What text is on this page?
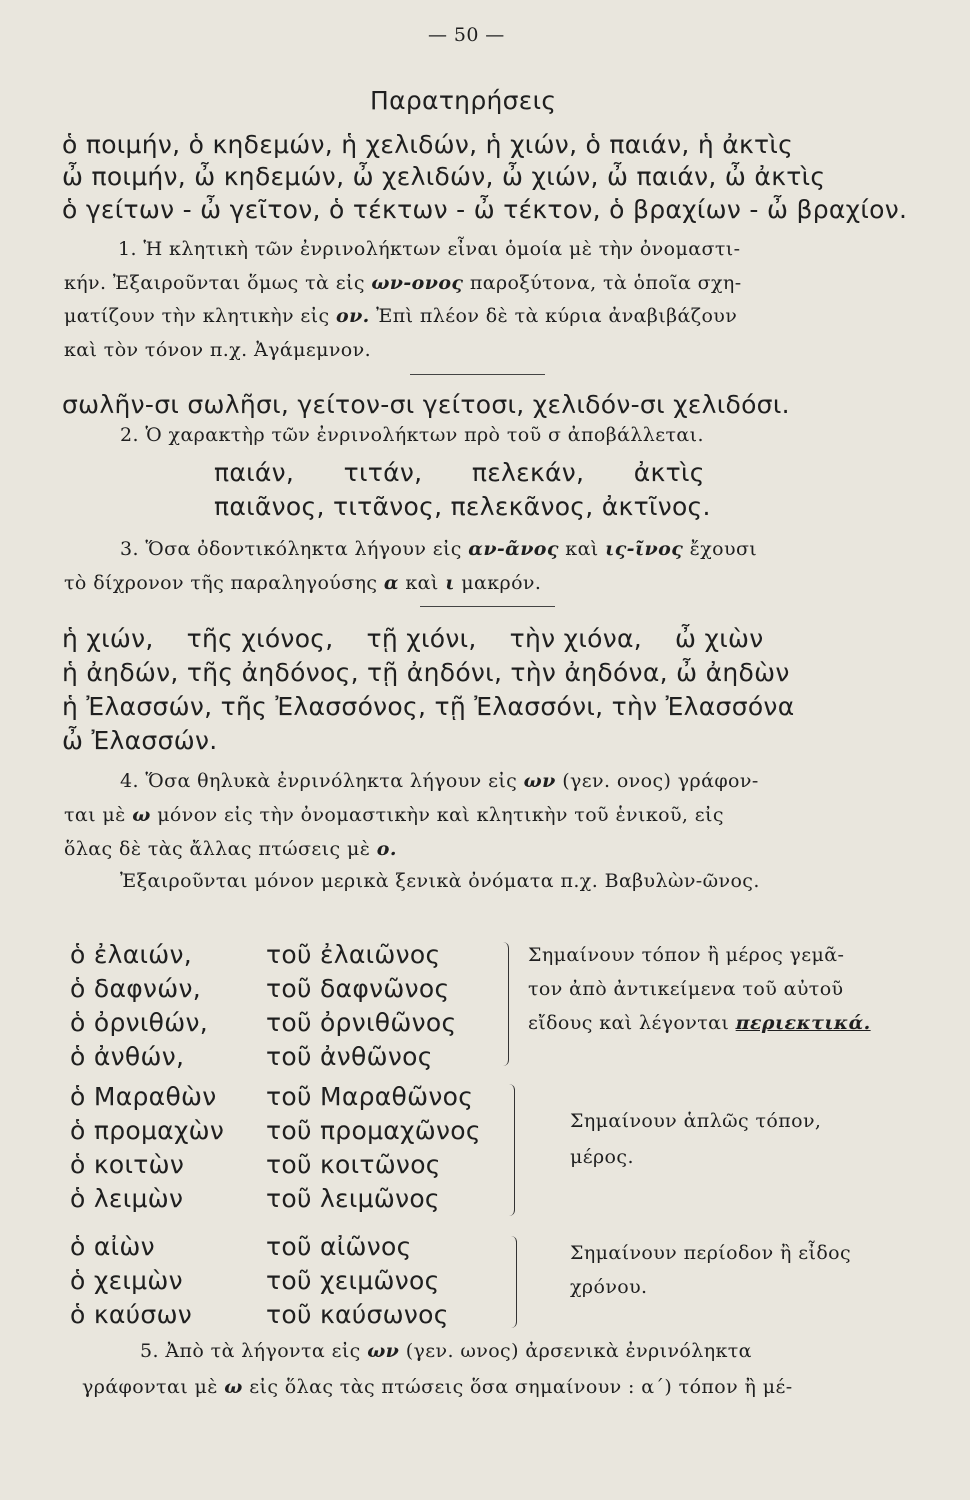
— 50 —
Παρατηρήσεις
ὁ ποιμήν, ὁ κηδεμών, ἡ χελιδών, ἡ χιών, ὁ παιάν, ἡ ἀκτὶς
ὦ ποιμήν, ὦ κηδεμών, ὦ χελιδών, ὦ χιών, ὦ παιάν, ὦ ἀκτὶς
ὁ γείτων - ὦ γεῖτον, ὁ τέκτων - ὦ τέκτον, ὁ βραχίων - ὦ βραχίον.
1. Ἡ κλητικὴ τῶν ἐνρινολήκτων εἶναι ὁμοία μὲ τὴν ὀνομαστι-
κήν. Ἐξαιροῦνται ὅμως τὰ εἰς ων-ονος παροξύτονα, τὰ ὁποῖα σχη-
ματίζουν τὴν κλητικὴν εἰς ον. Ἐπὶ πλέον δὲ τὰ κύρια ἀναβιβάζουν
καὶ τὸν τόνον π.χ. Ἀγάμεμνον.
σωλῆν-σι σωλῆσι, γείτον-σι γείτοσι, χελιδόν-σι χελιδόσι.
2. Ὁ χαρακτὴρ τῶν ἐνρινολήκτων πρὸ τοῦ σ ἀποβάλλεται.
παιάν,      τιτάν,      πελεκάν,      ἀκτὶς
παιᾶνος, τιτᾶνος, πελεκᾶνος, ἀκτῖνος.
3. Ὅσα ὀδοντικόληκτα λήγουν εἰς αν-ᾶνος καὶ ις-ῖνος ἔχουσι
τὸ δίχρονον τῆς παραληγούσης α καὶ ι μακρόν.
ἡ χιών,    τῆς χιόνος,    τῇ χιόνι,    τὴν χιόνα,    ὦ χιὼν
ἡ ἀηδών, τῆς ἀηδόνος, τῇ ἀηδόνι, τὴν ἀηδόνα, ὦ ἀηδὼν
ἡ Ἐλασσών, τῆς Ἐλασσόνος, τῇ Ἐλασσόνι, τὴν Ἐλασσόνα
ὦ Ἐλασσών.
4. Ὅσα θηλυκὰ ἐνρινόληκτα λήγουν εἰς ων (γεν. ονος) γράφον-
ται μὲ ω μόνον εἰς τὴν ὀνομαστικὴν καὶ κλητικὴν τοῦ ἑνικοῦ, εἰς
ὅλας δὲ τὰς ἄλλας πτώσεις μὲ ο.
Ἐξαιροῦνται μόνον μερικὰ ξενικὰ ὀνόματα π.χ. Βαβυλὼν-ῶνος.
ὁ ἐλαιών,	τοῦ ἐλαιῶνος
ὁ δαφνών,	τοῦ δαφνῶνος
ὁ ὀρνιθών, τοῦ ὀρνιθῶνος
ὁ ἀνθών,	τοῦ ἀνθῶνος
Σημαίνουν τόπον ἢ μέρος γεμᾶ-
τον ἀπὸ ἀντικείμενα τοῦ αὐτοῦ
εἴδους καὶ λέγονται περιεκτικά.
ὁ Μαραθὼν τοῦ Μαραθῶνος
ὁ προμαχὼν τοῦ προμαχῶνος
ὁ κοιτὼν	τοῦ κοιτῶνος
ὁ λειμὼν	τοῦ λειμῶνος
Σημαίνουν ἁπλῶς τόπον,
μέρος.
ὁ αἰὼν	τοῦ αἰῶνος
ὁ χειμὼν	τοῦ χειμῶνος
ὁ καύσων	τοῦ καύσωνος
Σημαίνουν περίοδον ἢ εἶδος
χρόνου.
5. Ἀπὸ τὰ λήγοντα εἰς ων (γεν. ωνος) ἀρσενικὰ ἐνρινόληκτα
γράφονται μὲ ω εἰς ὅλας τὰς πτώσεις ὅσα σημαίνουν : α΄) τόπον ἢ μέ-
